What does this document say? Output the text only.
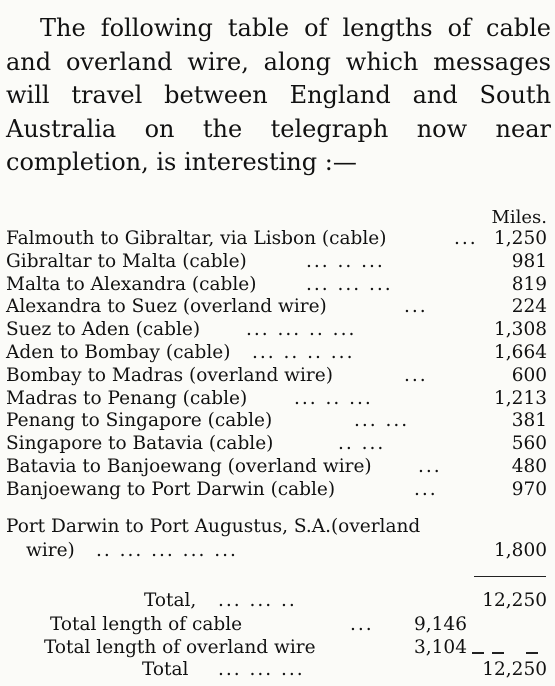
The following table of lengths of cable and overland wire, along which messages will travel between England and South Australia on the telegraph now near completion, is interesting :—

Miles.
Falmouth to Gibraltar, via Lisbon (cable)	... 1,250
Gibraltar to Malta (cable)	... .. ...	981
Malta to Alexandra (cable)	... ... ...	819
Alexandra to Suez (overland wire)	...	224
Suez to Aden (cable) ... ... .. ...	1,308
Aden to Bombay (cable) ... .. .. ...	1,664
Bombay to Madras (overland wire)	...	600
Madras to Penang (cable)	... .. ...	1,213
Penang to Singapore (cable)	... ...	381
Singapore to Batavia (cable)	.. ...	560
Batavia to Banjoewang (overland wire)	...	480
Banjoewang to Port Darwin (cable)	...	970
Port Darwin to Port Augustus, S.A.(overland
wire) .. ... ... ... ...	1,800
Total, ... ... ..	12,250
Total length of cable	... 9,146
Total length of overland wire	3,104
Total ... ... ...	12,250
